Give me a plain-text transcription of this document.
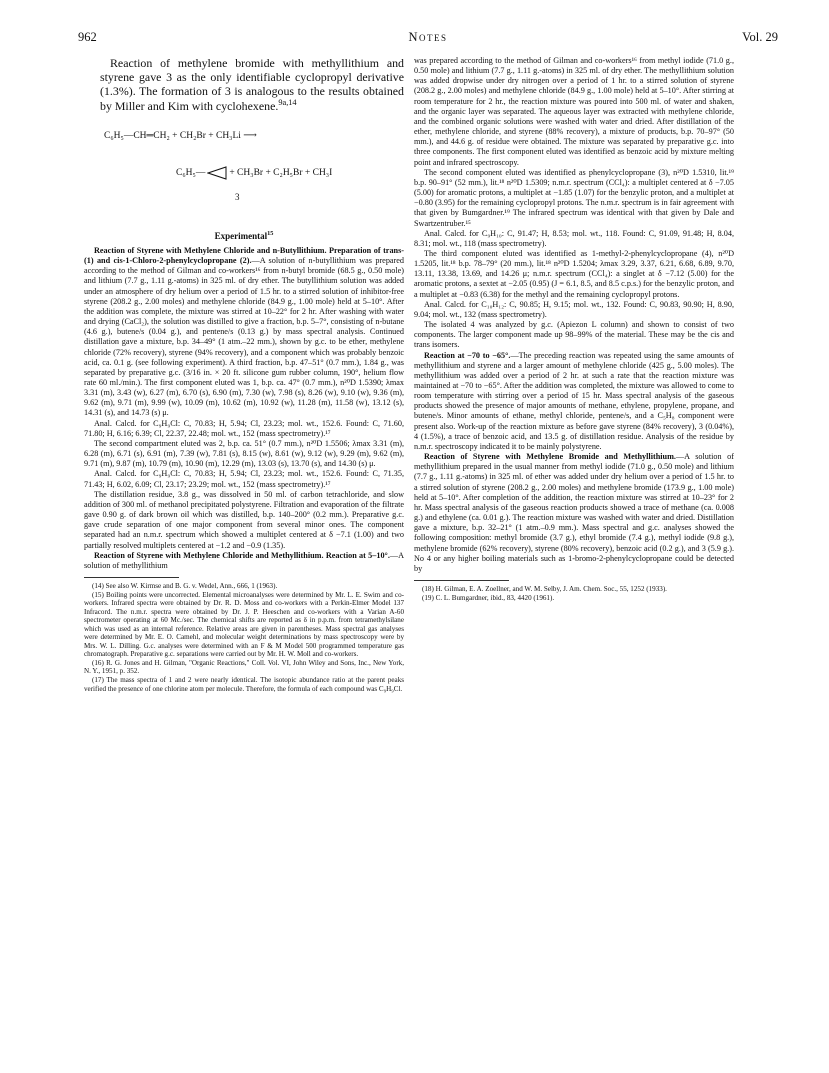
962	Notes	Vol. 29

Reaction of methylene bromide with methyllithium and styrene gave 3 as the only identifiable cyclopropyl derivative (1.3%). The formation of 3 is analogous to the results obtained by Miller and Kim with cyclohexene.$^{9a,14}$

C₆H₅—CH═CH₂ + CH₂Br + CH₃Li ⟶
C₆H₅—	+ CH₃Br + C₂H₅Br + CH₃I
3
Experimental$^{15}$

Reaction of Styrene with Methylene Chloride and n-Butyllithium. Preparation of trans- (1) and cis-1-Chloro-2-phenylcyclopropane (2).—A solution of n-butyllithium was prepared according to the method of Gilman and co-workers¹⁶ from n-butyl bromide (68.5 g., 0.50 mole) and lithium (7.7 g., 1.11 g.-atoms) in 325 ml. of dry ether. The butyllithium solution was added under an atmosphere of dry helium over a period of 1.5 hr. to a stirred solution of inhibitor-free styrene (208.2 g., 2.00 moles) and methylene chloride (84.9 g., 1.00 mole) held at 5–10°. After the addition was complete, the mixture was stirred at 10–22° for 2 hr. After washing with water and drying (CaCl₂), the solution was distilled to give a fraction, b.p. 5–7°, consisting of n-butane (4.6 g.), butene/s (0.04 g.), and pentene/s (0.13 g.) by mass spectral analysis. Continued distillation gave a mixture, b.p. 34–49° (1 atm.–22 mm.), shown by g.c. to be ether, methylene chloride (72% recovery), styrene (94% recovery), and a component which was probably benzoic acid, ca. 0.1 g. (see following experiment). A third fraction, b.p. 47–51° (0.7 mm.), 1.84 g., was separated by preparative g.c. (3/16 in. × 20 ft. silicone gum rubber column, 190°, helium flow rate 60 ml./min.). The first component eluted was 1, b.p. ca. 47° (0.7 mm.), n²⁰D 1.5390; λmax 3.31 (m), 3.43 (w), 6.27 (m), 6.70 (s), 6.90 (m), 7.30 (w), 7.98 (s), 8.26 (w), 9.10 (w), 9.36 (m), 9.62 (m), 9.71 (m), 9.99 (w), 10.09 (m), 10.62 (m), 10.92 (w), 11.28 (m), 11.58 (w), 13.12 (s), 14.31 (s), and 14.73 (s) μ.

Anal. Calcd. for C₉H₉Cl: C, 70.83; H, 5.94; Cl, 23.23; mol. wt., 152.6. Found: C, 71.60, 71.80; H, 6.16; 6.39; Cl, 22.37, 22.48; mol. wt., 152 (mass spectrometry).¹⁷

The second compartment eluted was 2, b.p. ca. 51° (0.7 mm.), n²⁰D 1.5506; λmax 3.31 (m), 6.28 (m), 6.71 (s), 6.91 (m), 7.39 (w), 7.81 (s), 8.15 (w), 8.61 (w), 9.12 (w), 9.29 (m), 9.62 (m), 9.71 (m), 9.87 (m), 10.79 (m), 10.90 (m), 12.29 (m), 13.03 (s), 13.70 (s), and 14.30 (s) μ.

Anal. Calcd. for C₉H₉Cl: C, 70.83; H, 5.94; Cl, 23.23; mol. wt., 152.6. Found: C, 71.35, 71.43; H, 6.02, 6.09; Cl, 23.17; 23.29; mol. wt., 152 (mass spectrometry).¹⁷

The distillation residue, 3.8 g., was dissolved in 50 ml. of carbon tetrachloride, and slow addition of 300 ml. of methanol precipitated polystyrene. Filtration and evaporation of the filtrate gave 0.90 g. of dark brown oil which was distilled, b.p. 140–200° (0.2 mm.). Preparative g.c. gave crude separation of one major component from several minor ones. The component separated had an n.m.r. spectrum which showed a multiplet centered at δ −7.1 (1.00) and two partially resolved multiplets centered at −1.2 and −0.9 (1.35).

Reaction of Styrene with Methylene Chloride and Methyllithium. Reaction at 5–10°.—A solution of methyllithium

(14) See also W. Kirmse and B. G. v. Wedel, Ann., 666, 1 (1963).

(15) Boiling points were uncorrected. Elemental microanalyses were determined by Mr. L. E. Swim and co-workers. Infrared spectra were obtained by Dr. R. D. Moss and co-workers with a Perkin-Elmer Model 137 Infracord. The n.m.r. spectra were obtained by Dr. J. P. Heeschen and co-workers with a Varian A-60 spectrometer operating at 60 Mc./sec. The chemical shifts are reported as δ in p.p.m. from tetramethylsilane which was used as an internal reference. Relative areas are given in parentheses. Mass spectral gas analyses were determined by Mr. E. O. Camehl, and molecular weight determinations by mass spectroscopy were by Mrs. W. L. Dilling. G.c. analyses were determined with an F & M Model 500 programmed temperature gas chromatograph. Preparative g.c. separations were carried out by Mr. H. W. Moll and co-workers.

(16) R. G. Jones and H. Gilman, "Organic Reactions," Coll. Vol. VI, John Wiley and Sons, Inc., New York, N. Y., 1951, p. 352.

(17) The mass spectra of 1 and 2 were nearly identical. The isotopic abundance ratio at the parent peaks verified the presence of one chlorine atom per molecule. Therefore, the formula of each compound was C₉H₉Cl.

was prepared according to the method of Gilman and co-workers¹⁶ from methyl iodide (71.0 g., 0.50 mole) and lithium (7.7 g., 1.11 g.-atoms) in 325 ml. of dry ether. The methyllithium solution was added dropwise under dry nitrogen over a period of 1 hr. to a stirred solution of styrene (208.2 g., 2.00 moles) and methylene chloride (84.9 g., 1.00 mole) held at 5–10°. After stirring at room temperature for 2 hr., the reaction mixture was poured into 500 ml. of water and shaken, and the organic layer was separated. The aqueous layer was extracted with methylene chloride, and the combined organic solutions were washed with water and dried. After distillation of the ether, methylene chloride, and styrene (88% recovery), a mixture of products, b.p. 70–97° (50 mm.), and 44.6 g. of residue were obtained. The mixture was separated by preparative g.c. into three components. The first component eluted was identified as benzoic acid by mixture melting point and infrared spectroscopy.

The second component eluted was identified as phenylcyclopropane (3), n²⁰D 1.5310, lit.¹⁹ b.p. 90–91° (52 mm.), lit.¹⁸ n²⁰D 1.5309; n.m.r. spectrum (CCl₄): a multiplet centered at δ −7.05 (5.00) for aromatic protons, a multiplet at −1.85 (1.07) for the benzylic proton, and a multiplet at −0.80 (3.95) for the remaining cyclopropyl protons. The n.m.r. spectrum is in fair agreement with that given by Bumgardner.¹⁹ The infrared spectrum was identical with that given by Dale and Swartzentruber.¹⁵

Anal. Calcd. for C₉H₁₀: C, 91.47; H, 8.53; mol. wt., 118. Found: C, 91.09, 91.48; H, 8.04, 8.31; mol. wt., 118 (mass spectrometry).

The third component eluted was identified as 1-methyl-2-phenylcyclopropane (4), n²⁰D 1.5205, lit.¹⁸ b.p. 78–79° (20 mm.), lit.¹⁸ n²⁰D 1.5204; λmax 3.29, 3.37, 6.21, 6.68, 6.89, 9.70, 13.11, 13.38, 13.69, and 14.26 μ; n.m.r. spectrum (CCl₄): a singlet at δ −7.12 (5.00) for the aromatic protons, a sextet at −2.05 (0.95) (J = 6.1, 8.5, and 8.5 c.p.s.) for the benzylic proton, and a multiplet at −0.83 (6.38) for the methyl and the remaining cyclopropyl protons.

Anal. Calcd. for C₁₀H₁₂: C, 90.85; H, 9.15; mol. wt., 132. Found: C, 90.83, 90.90; H, 8.90, 9.04; mol. wt., 132 (mass spectrometry).

The isolated 4 was analyzed by g.c. (Apiezon L column) and shown to consist of two components. The larger component made up 98–99% of the material. These may be the cis and trans isomers.

Reaction at −70 to −65°.—The preceding reaction was repeated using the same amounts of methyllithium and styrene and a larger amount of methylene chloride (425 g., 5.00 moles). The methyllithium was added over a period of 2 hr. at such a rate that the reaction mixture was maintained at −70 to −65°. After the addition was completed, the mixture was allowed to come to room temperature with stirring over a period of 15 hr. Mass spectral analysis of the gaseous products showed the presence of major amounts of methane, ethylene, propylene, propane, and butene/s. Minor amounts of ethane, methyl chloride, pentene/s, and a C₅H₈ component were present also. Work-up of the reaction mixture as before gave styrene (84% recovery), 3 (0.04%), 4 (1.5%), a trace of benzoic acid, and 13.5 g. of distillation residue. Analysis of the residue by n.m.r. spectroscopy indicated it to be mainly polystyrene.

Reaction of Styrene with Methylene Bromide and Methyllithium.—A solution of methyllithium prepared in the usual manner from methyl iodide (71.0 g., 0.50 mole) and lithium (7.7 g., 1.11 g.-atoms) in 325 ml. of ether was added under dry helium over a period of 1.5 hr. to a stirred solution of styrene (208.2 g., 2.00 moles) and methylene bromide (173.9 g., 1.00 mole) held at 5–10°. After completion of the addition, the reaction mixture was stirred at 10–23° for 2 hr. Mass spectral analysis of the gaseous reaction products showed a trace of methane (ca. 0.008 g.) and ethylene (ca. 0.01 g.). The reaction mixture was washed with water and dried. Distillation gave a mixture, b.p. 32–21° (1 atm.–0.9 mm.). Mass spectral and g.c. analyses showed the following composition: methyl bromide (3.7 g.), ethyl bromide (7.4 g.), methyl iodide (9.8 g.), methylene bromide (62% recovery), styrene (80% recovery), benzoic acid (0.2 g.), and 3 (5.9 g.). No 4 or any higher boiling materials such as 1-bromo-2-phenylcyclopropane could be detected by

(18) H. Gilman, E. A. Zoellner, and W. M. Selby, J. Am. Chem. Soc., 55, 1252 (1933).

(19) C. L. Bumgardner, ibid., 83, 4420 (1961).
